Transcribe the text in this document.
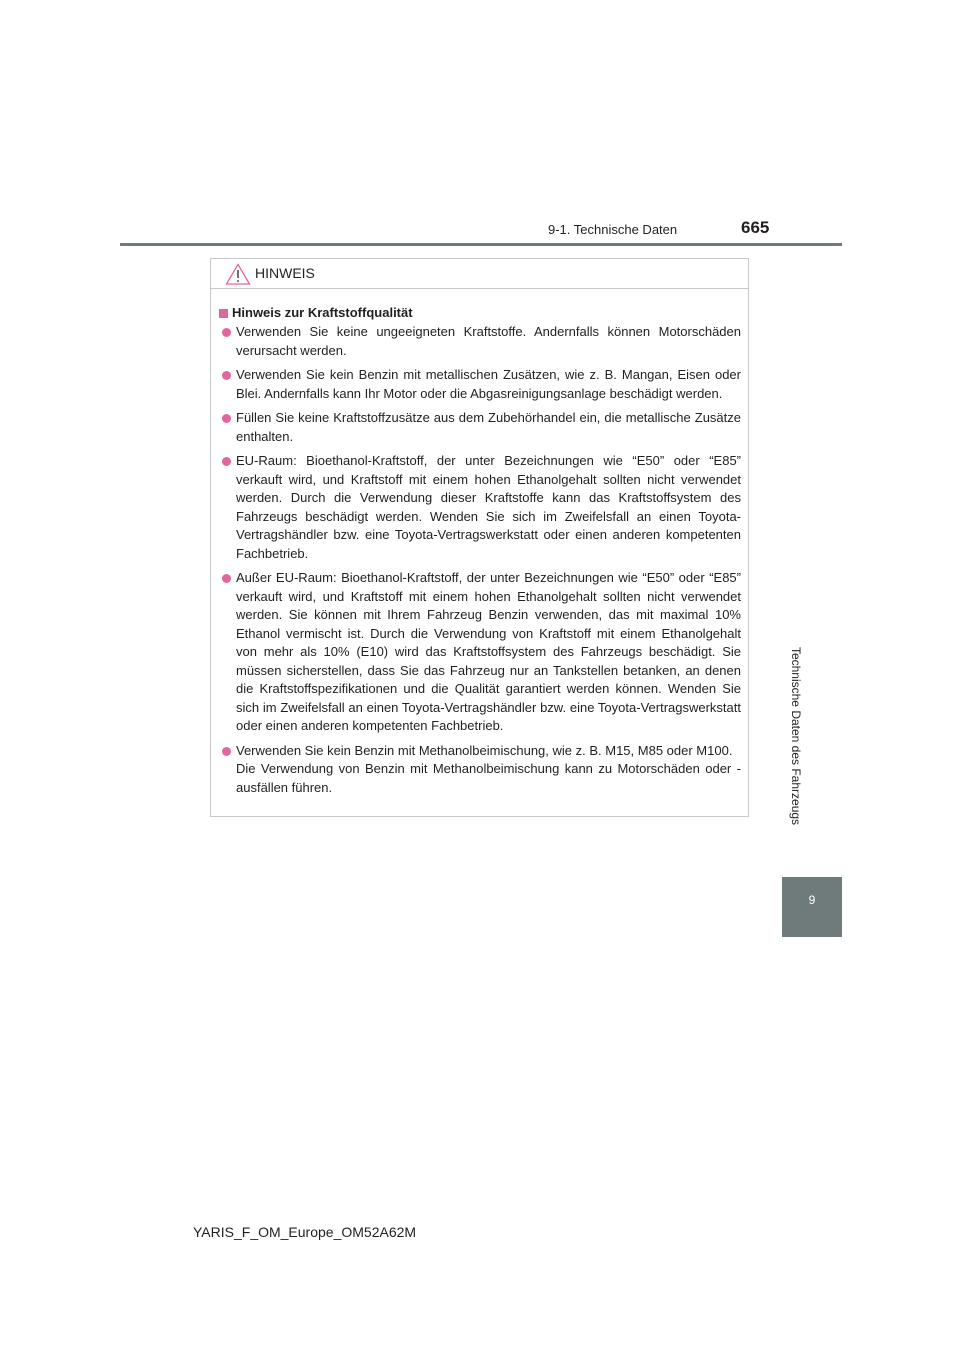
9-1. Technische Daten	665
Technische Daten des Fahrzeugs
9
HINWEIS
Hinweis zur Kraftstoffqualität
Verwenden Sie keine ungeeigneten Kraftstoffe. Andernfalls können Motorschäden verursacht werden.
Verwenden Sie kein Benzin mit metallischen Zusätzen, wie z. B. Mangan, Eisen oder Blei. Andernfalls kann Ihr Motor oder die Abgasreinigungsanlage beschädigt werden.
Füllen Sie keine Kraftstoffzusätze aus dem Zubehörhandel ein, die metallische Zusätze enthalten.
EU-Raum: Bioethanol-Kraftstoff, der unter Bezeichnungen wie “E50” oder “E85” verkauft wird, und Kraftstoff mit einem hohen Ethanolgehalt sollten nicht verwendet werden. Durch die Verwendung dieser Kraftstoffe kann das Kraftstoffsystem des Fahrzeugs beschädigt werden. Wenden Sie sich im Zweifelsfall an einen Toyota-Vertragshändler bzw. eine Toyota-Vertragswerkstatt oder einen anderen kompetenten Fachbetrieb.
Außer EU-Raum: Bioethanol-Kraftstoff, der unter Bezeichnungen wie “E50” oder “E85” verkauft wird, und Kraftstoff mit einem hohen Ethanolgehalt sollten nicht verwendet werden. Sie können mit Ihrem Fahrzeug Benzin verwenden, das mit maximal 10% Ethanol vermischt ist. Durch die Verwendung von Kraftstoff mit einem Ethanolgehalt von mehr als 10% (E10) wird das Kraftstoffsystem des Fahrzeugs beschädigt. Sie müssen sicherstellen, dass Sie das Fahrzeug nur an Tankstellen betanken, an denen die Kraftstoffspezifikationen und die Qualität garantiert werden können. Wenden Sie sich im Zweifelsfall an einen Toyota-Vertragshändler bzw. eine Toyota-Vertragswerkstatt oder einen anderen kompetenten Fachbetrieb.
Verwenden Sie kein Benzin mit Methanolbeimischung, wie z. B. M15, M85 oder M100.
Die Verwendung von Benzin mit Methanolbeimischung kann zu Motorschäden oder -ausfällen führen.
YARIS_F_OM_Europe_OM52A62M
